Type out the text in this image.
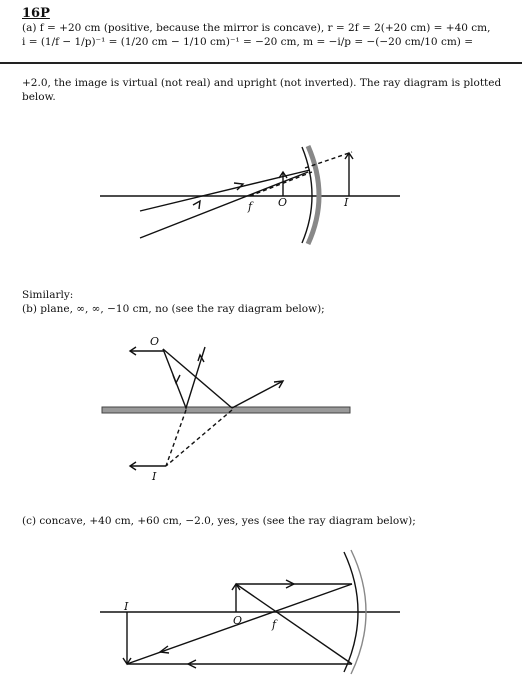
16P
(a) f = +20 cm (positive, because the mirror is concave), r = 2f = 2(+20 cm) = +40 cm,
i = (1/f − 1/p)⁻¹ = (1/20 cm − 1/10 cm)⁻¹ = −20 cm, m = −i/p = −(−20 cm/10 cm) =
+2.0, the image is virtual (not real) and upright (not inverted). The ray diagram is plotted
below.
f O	I
Similarly:
(b) plane, ∞, ∞, −10 cm, no (see the ray diagram below);
O
I
(c) concave, +40 cm, +60 cm, −2.0, yes, yes (see the ray diagram below);
I
O	f
